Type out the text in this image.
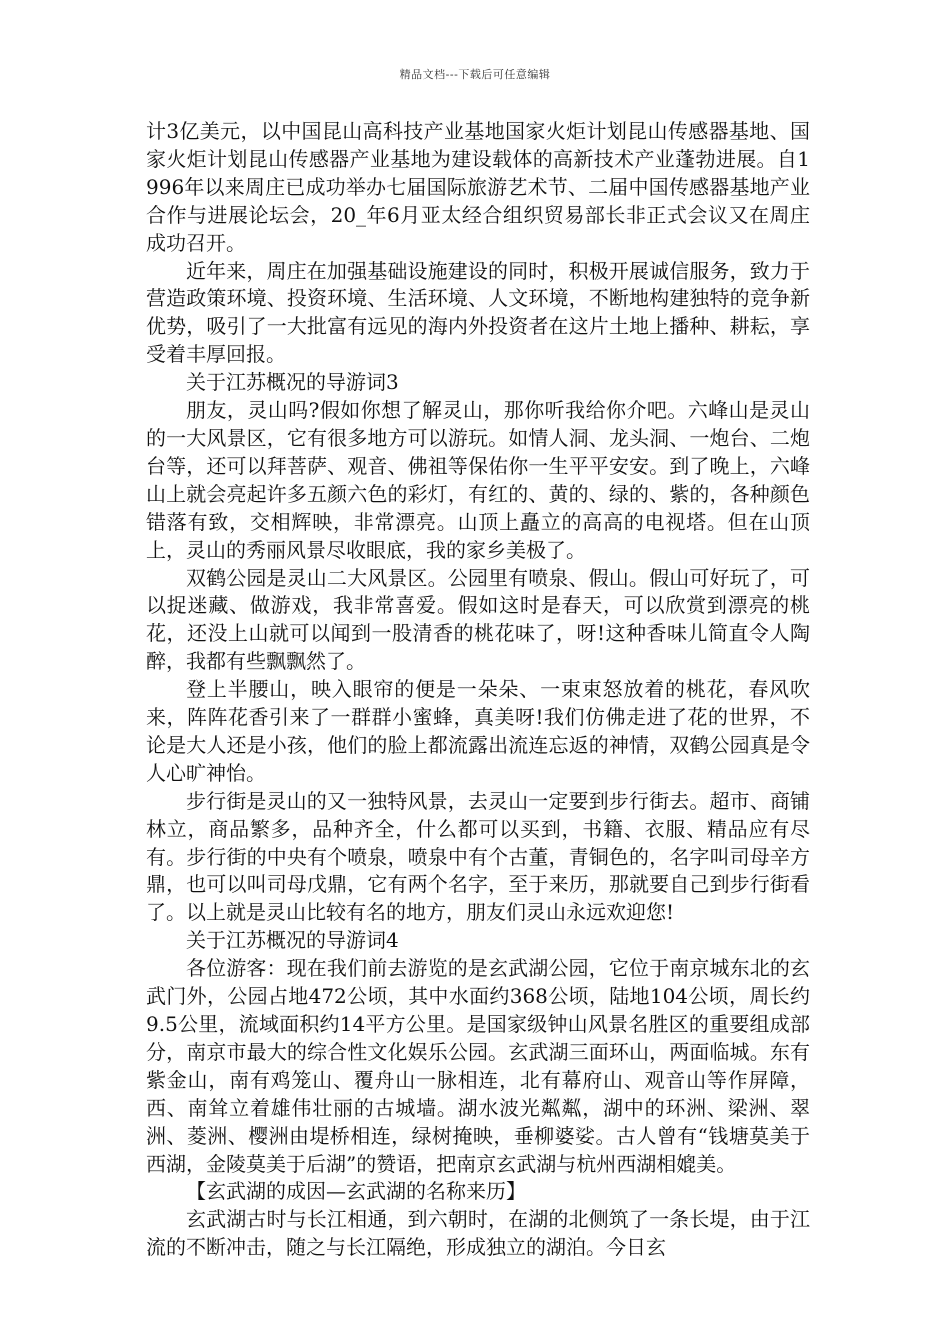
精品文档---下载后可任意编辑

计3亿美元，以中国昆山高科技产业基地国家火炬计划昆山传感器基地、国家火炬计划昆山传感器产业基地为建设载体的高新技术产业蓬勃进展。自1996年以来周庄已成功举办七届国际旅游艺术节、二届中国传感器基地产业合作与进展论坛会，20_年6月亚太经合组织贸易部长非正式会议又在周庄成功召开。

近年来，周庄在加强基础设施建设的同时，积极开展诚信服务，致力于营造政策环境、投资环境、生活环境、人文环境，不断地构建独特的竞争新优势，吸引了一大批富有远见的海内外投资者在这片土地上播种、耕耘，享受着丰厚回报。

关于江苏概况的导游词3

朋友，灵山吗?假如你想了解灵山，那你听我给你介吧。六峰山是灵山的一大风景区，它有很多地方可以游玩。如情人洞、龙头洞、一炮台、二炮台等，还可以拜菩萨、观音、佛祖等保佑你一生平平安安。到了晚上，六峰山上就会亮起许多五颜六色的彩灯，有红的、黄的、绿的、紫的，各种颜色错落有致，交相辉映，非常漂亮。山顶上矗立的高高的电视塔。但在山顶上，灵山的秀丽风景尽收眼底，我的家乡美极了。

双鹤公园是灵山二大风景区。公园里有喷泉、假山。假山可好玩了，可以捉迷藏、做游戏，我非常喜爱。假如这时是春天，可以欣赏到漂亮的桃花，还没上山就可以闻到一股清香的桃花味了，呀!这种香味儿简直令人陶醉，我都有些飘飘然了。

登上半腰山，映入眼帘的便是一朵朵、一束束怒放着的桃花，春风吹来，阵阵花香引来了一群群小蜜蜂，真美呀!我们仿佛走进了花的世界，不论是大人还是小孩，他们的脸上都流露出流连忘返的神情，双鹤公园真是令人心旷神怡。

步行街是灵山的又一独特风景，去灵山一定要到步行街去。超市、商铺林立，商品繁多，品种齐全，什么都可以买到，书籍、衣服、精品应有尽有。步行街的中央有个喷泉，喷泉中有个古董，青铜色的，名字叫司母辛方鼎，也可以叫司母戊鼎，它有两个名字，至于来历，那就要自己到步行街看了。以上就是灵山比较有名的地方，朋友们灵山永远欢迎您!

关于江苏概况的导游词4

各位游客：现在我们前去游览的是玄武湖公园，它位于南京城东北的玄武门外，公园占地472公顷，其中水面约368公顷，陆地104公顷，周长约9.5公里，流域面积约14平方公里。是国家级钟山风景名胜区的重要组成部分，南京市最大的综合性文化娱乐公园。玄武湖三面环山，两面临城。东有紫金山，南有鸡笼山、覆舟山一脉相连，北有幕府山、观音山等作屏障，西、南耸立着雄伟壮丽的古城墙。湖水波光粼粼，湖中的环洲、梁洲、翠洲、菱洲、樱洲由堤桥相连，绿树掩映，垂柳婆娑。古人曾有“钱塘莫美于西湖，金陵莫美于后湖”的赞语，把南京玄武湖与杭州西湖相媲美。

【玄武湖的成因—玄武湖的名称来历】

玄武湖古时与长江相通，到六朝时，在湖的北侧筑了一条长堤，由于江流的不断冲击，随之与长江隔绝，形成独立的湖泊。今日玄
